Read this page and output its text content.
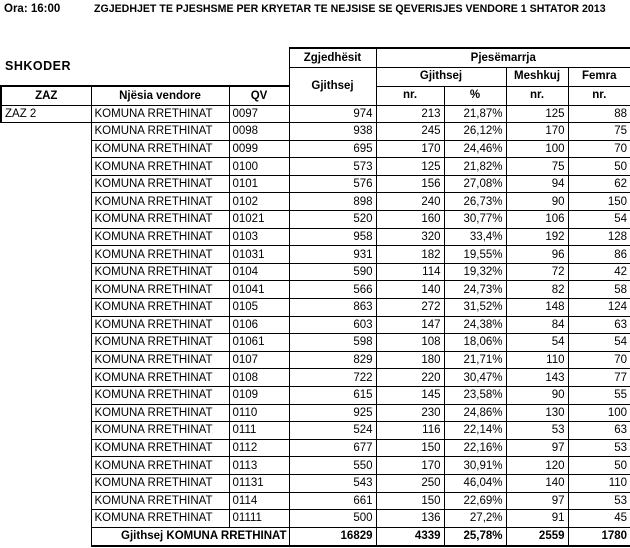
Ora: 16:00	ZGJEDHJET TE PJESHSME PER KRYETAR TE NEJSISE SE QEVERISJES VENDORE 1 SHTATOR 2013
SHKODER			Zgjedhësit	Pjesëmarrja			
			Gjithsej	Gjithsej		Meshkuj	Femra
ZAZ	Njësia vendore	QV		nr.	%	nr.	nr.
ZAZ 2	KOMUNA RRETHINAT	0097	974	213	21,87%	125	88
	KOMUNA RRETHINAT	0098	938	245	26,12%	170	75
	KOMUNA RRETHINAT	0099	695	170	24,46%	100	70
	KOMUNA RRETHINAT	0100	573	125	21,82%	75	50
	KOMUNA RRETHINAT	0101	576	156	27,08%	94	62
	KOMUNA RRETHINAT	0102	898	240	26,73%	90	150
	KOMUNA RRETHINAT	01021	520	160	30,77%	106	54
	KOMUNA RRETHINAT	0103	958	320	33,4%	192	128
	KOMUNA RRETHINAT	01031	931	182	19,55%	96	86
	KOMUNA RRETHINAT	0104	590	114	19,32%	72	42
	KOMUNA RRETHINAT	01041	566	140	24,73%	82	58
	KOMUNA RRETHINAT	0105	863	272	31,52%	148	124
	KOMUNA RRETHINAT	0106	603	147	24,38%	84	63
	KOMUNA RRETHINAT	01061	598	108	18,06%	54	54
	KOMUNA RRETHINAT	0107	829	180	21,71%	110	70
	KOMUNA RRETHINAT	0108	722	220	30,47%	143	77
	KOMUNA RRETHINAT	0109	615	145	23,58%	90	55
	KOMUNA RRETHINAT	0110	925	230	24,86%	130	100
	KOMUNA RRETHINAT	0111	524	116	22,14%	53	63
	KOMUNA RRETHINAT	0112	677	150	22,16%	97	53
	KOMUNA RRETHINAT	0113	550	170	30,91%	120	50
	KOMUNA RRETHINAT	01131	543	250	46,04%	140	110
	KOMUNA RRETHINAT	0114	661	150	22,69%	97	53
	KOMUNA RRETHINAT	01111	500	136	27,2%	91	45
	Gjithsej KOMUNA RRETHINAT		16829	4339	25,78%	2559	1780
